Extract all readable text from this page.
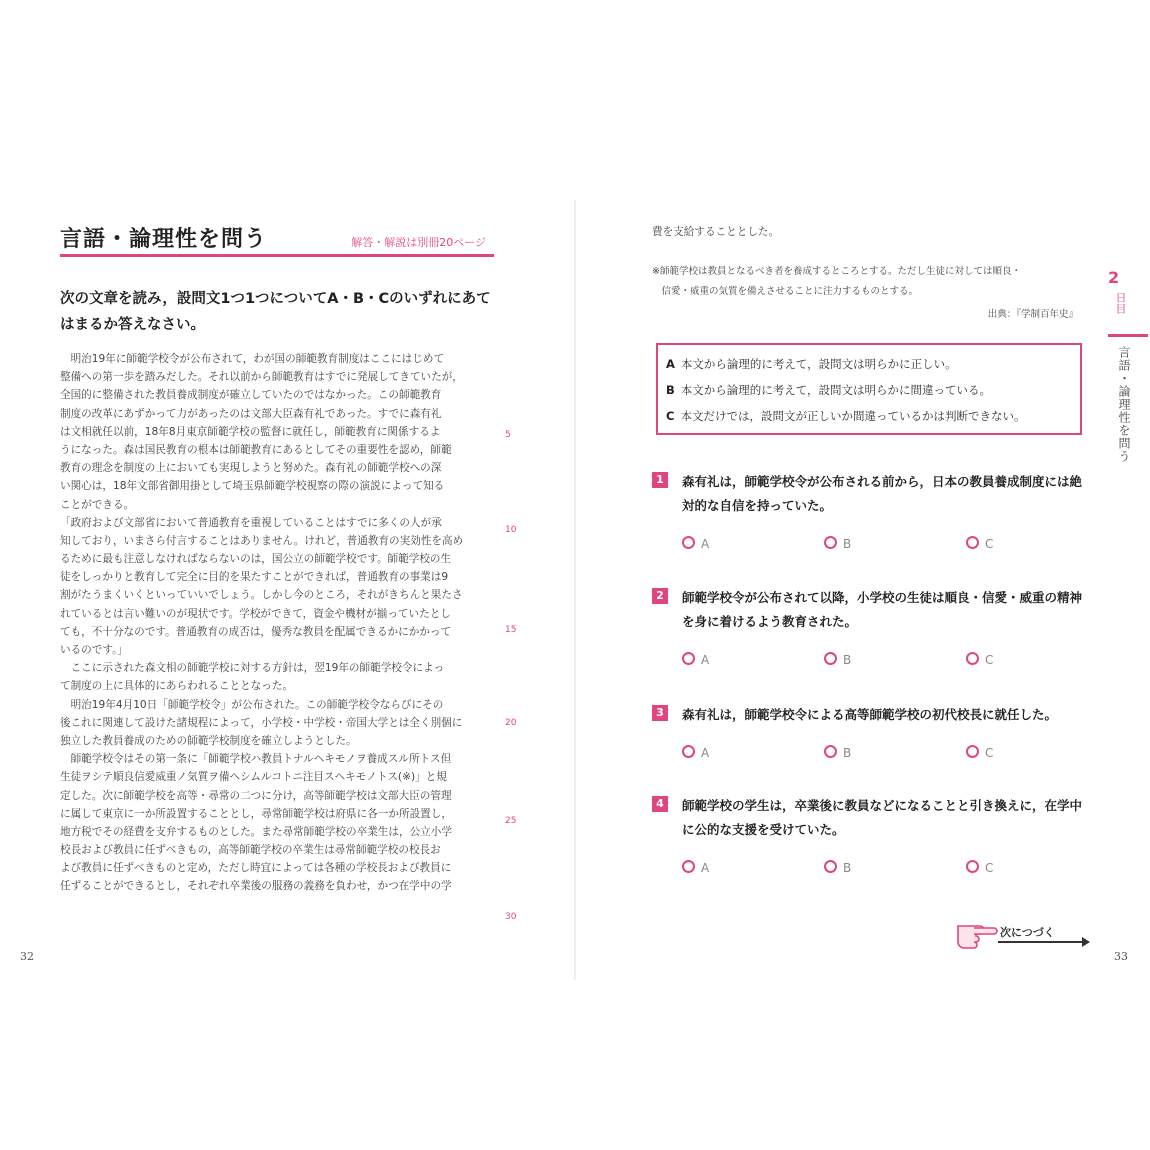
言語・論理性を問う	解答・解説は別冊20ページ
次の文章を読み，設問文1つ1つについてA・B・Cのいずれにあてはまるか答えなさい。
　明治19年に師範学校令が公布されて，わが国の師範教育制度はここにはじめて
整備への第一歩を踏みだした。それ以前から師範教育はすでに発展してきていたが，
全国的に整備された教員養成制度が確立していたのではなかった。この師範教育
制度の改革にあずかって力があったのは文部大臣森有礼であった。すでに森有礼
は文相就任以前，18年8月東京師範学校の監督に就任し，師範教育に関係するよ
うになった。森は国民教育の根本は師範教育にあるとしてその重要性を認め，師範
教育の理念を制度の上においても実現しようと努めた。森有礼の師範学校への深
い関心は，18年文部省御用掛として埼玉県師範学校視察の際の演説によって知る
ことができる。
「政府および文部省において普通教育を重視していることはすでに多くの人が承
知しており，いまさら付言することはありません。けれど，普通教育の実効性を高め
るために最も注意しなければならないのは，国公立の師範学校です。師範学校の生
徒をしっかりと教育して完全に目的を果たすことができれば，普通教育の事業は9
割がたうまくいくといっていいでしょう。しかし今のところ，それがきちんと果たさ
れているとは言い難いのが現状です。学校ができて，資金や機材が揃っていたとし
ても，不十分なのです。普通教育の成否は，優秀な教員を配属できるかにかかって
いるのです。」
　ここに示された森文相の師範学校に対する方針は，翌19年の師範学校令によっ
て制度の上に具体的にあらわれることとなった。
　明治19年4月10日「師範学校令」が公布された。この師範学校令ならびにその
後これに関連して設けた諸規程によって，小学校・中学校・帝国大学とは全く別個に
独立した教員養成のための師範学校制度を確立しようとした。
　師範学校令はその第一条に「師範学校ハ教員トナルヘキモノヲ養成スル所トス但
生徒ヲシテ順良信愛威重ノ気質ヲ備ヘシムルコトニ注目スヘキモノトス(※)」と規
定した。次に師範学校を高等・尋常の二つに分け，高等師範学校は文部大臣の管理
に属して東京に一か所設置することとし，尋常師範学校は府県に各一か所設置し，
地方税でその経費を支弁するものとした。また尋常師範学校の卒業生は，公立小学
校長および教員に任ずべきもの，高等師範学校の卒業生は尋常師範学校の校長お
よび教員に任ずべきものと定め，ただし時宜によっては各種の学校長および教員に
任ずることができるとし，それぞれ卒業後の服務の義務を負わせ，かつ在学中の学
5
10
15
20
25
30
32
費を支給することとした。
※師範学校は教員となるべき者を養成するところとする。ただし生徒に対しては順良・
　信愛・威重の気質を備えさせることに注力するものとする。
出典：『学制百年史』
A 本文から論理的に考えて，設問文は明らかに正しい。
B 本文から論理的に考えて，設問文は明らかに間違っている。
C 本文だけでは，設問文が正しいか間違っているかは判断できない。
1	森有礼は，師範学校令が公布される前から，日本の教員養成制度には絶対的な自信を持っていた。
A	B	C
2	師範学校令が公布されて以降，小学校の生徒は順良・信愛・威重の精神を身に着けるよう教育された。
A	B	C
3	森有礼は，師範学校令による高等師範学校の初代校長に就任した。
A	B	C
4	師範学校の学生は，卒業後に教員などになることと引き換えに，在学中に公的な支援を受けていた。
A	B	C
2
日目
言語・論理性を問う
次につづく
33
